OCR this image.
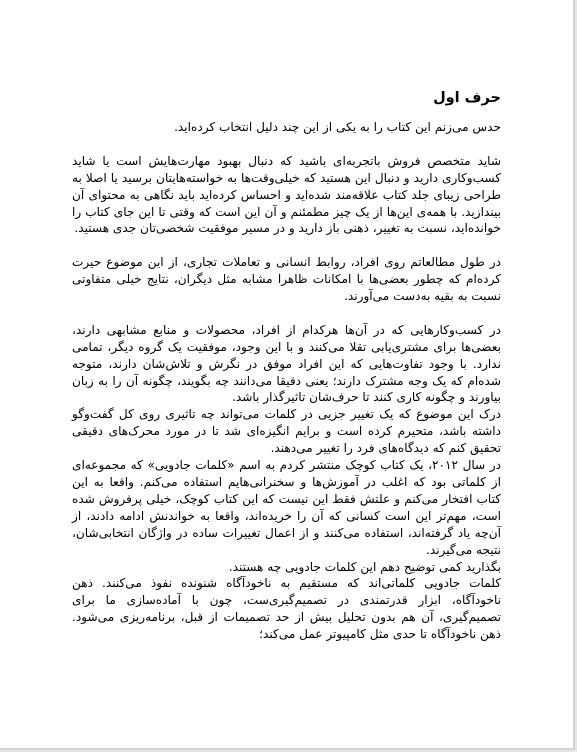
حرف اول

حدس می‌زنم این کتاب را به یکی از این چند دلیل انتخاب کرده‌اید.

شاید متخصص فروش باتجربه‌ای باشید که دنبال بهبود مهارت‌هایش است یا شاید کسب‌وکاری دارید و دنبال این هستید که خیلی‌وقت‌ها به خواسته‌هایتان برسید یا اصلا به طراحی زیبای جلد کتاب علاقه‌مند شده‌اید و احساس کرده‌اید باید نگاهی به محتوای آن بیندازید. با همه‌ی این‌ها از یک چیز مطمئنم و آن این است که وقتی تا این جای کتاب را خوانده‌اید، نسبت به تغییر، ذهنی باز دارید و در مسیر موفقیت شخصی‌تان جدی هستید.

در طول مطالعاتم روی افراد، روابط انسانی و تعاملات تجاری، از این موضوع حیرت کرده‌ام که چطور بعضی‌ها با امکانات ظاهرا مشابه مثل دیگران، نتایج خیلی متفاوتی نسبت به بقیه به‌دست می‌آورند.

در کسب‌وکارهایی که در آن‌ها هرکدام از افراد، محصولات و منابع مشابهی دارند، بعضی‌ها برای مشتری‌یابی تقلا می‌کنند و با این وجود، موفقیت یک گروه دیگر، تمامی ندارد. با وجود تفاوت‌هایی که این افراد موفق در نگرش و تلاش‌شان دارند، متوجه شده‌ام که یک وجه مشترک دارند؛ یعنی دقیقا می‌دانند چه بگویند، چگونه آن را به زبان بیاورند و چگونه کاری کنند تا حرف‌شان تاثیرگذار باشد.

درک این موضوع که یک تغییر جزیی در کلمات می‌تواند چه تاثیری روی کل گفت‌وگو داشته باشد، متحیرم کرده است و برایم انگیزه‌ای شد تا در مورد محرک‌های دقیقی تحقیق کنم که دیدگاه‌های فرد را تغییر می‌دهند.

در سال ۲۰۱۲، یک کتاب کوچک منتشر کردم به اسم «کلمات جادویی» که مجموعه‌ای از کلماتی بود که اغلب در آموزش‌ها و سخنرانی‌هایم استفاده می‌کنم. واقعا به این کتاب افتخار می‌کنم و علتش فقط این نیست که این کتاب کوچک، خیلی پرفروش شده است، مهم‌تر این است کسانی که آن را خریده‌اند، واقعا به خواندنش ادامه دادند، از آن‌چه یاد گرفته‌اند، استفاده می‌کنند و از اعمال تغییرات ساده در واژگان انتخابی‌شان، نتیجه می‌گیرند.

بگذارید کمی توضیح دهم این کلمات جادویی چه هستند.

کلمات جادویی کلماتی‌اند که مستقیم به ناخودآگاه شنونده نفوذ می‌کنند. ذهن ناخودآگاه، ابزار قدرتمندی در تصمیم‌گیری‌ست، چون با آماده‌سازی ما برای تصمیم‌گیری، آن هم بدون تحلیل بیش از حد تصمیمات از قبل، برنامه‌ریزی می‌شود. ذهن ناخودآگاه تا حدی مثل کامپیوتر عمل می‌کند؛
